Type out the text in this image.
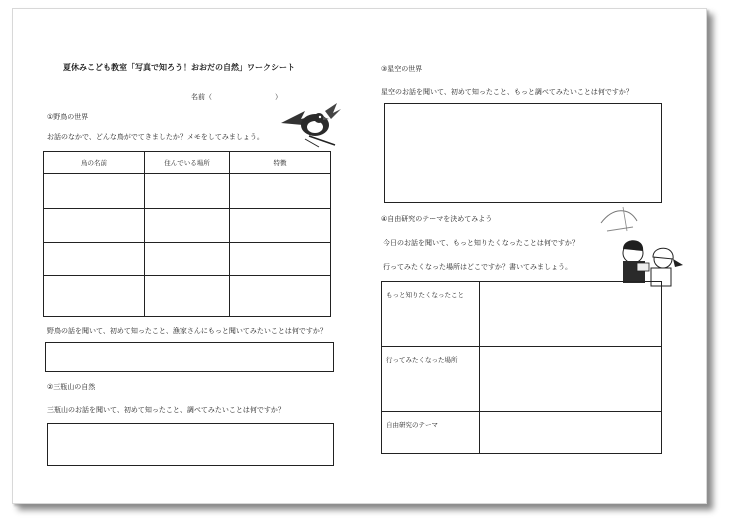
夏休みこども教室「写真で知ろう！おおだの自然」ワークシート
名前（　　　　　　　　　）
①野鳥の世界
お話のなかで、どんな鳥がでてきましたか？メモをしてみましょう。
鳥の名前	住んでいる場所	特徴

野鳥の話を聞いて、初めて知ったこと、漁家さんにもっと聞いてみたいことは何ですか？
②三瓶山の自然
三瓶山のお話を聞いて、初めて知ったこと、調べてみたいことは何ですか？
③星空の世界
星空のお話を聞いて、初めて知ったこと、もっと調べてみたいことは何ですか？
④自由研究のテーマを決めてみよう
今日のお話を聞いて、もっと知りたくなったことは何ですか？
行ってみたくなった場所はどこですか？書いてみましょう。
もっと知りたくなったこと	
行ってみたくなった場所	
自由研究のテーマ	
